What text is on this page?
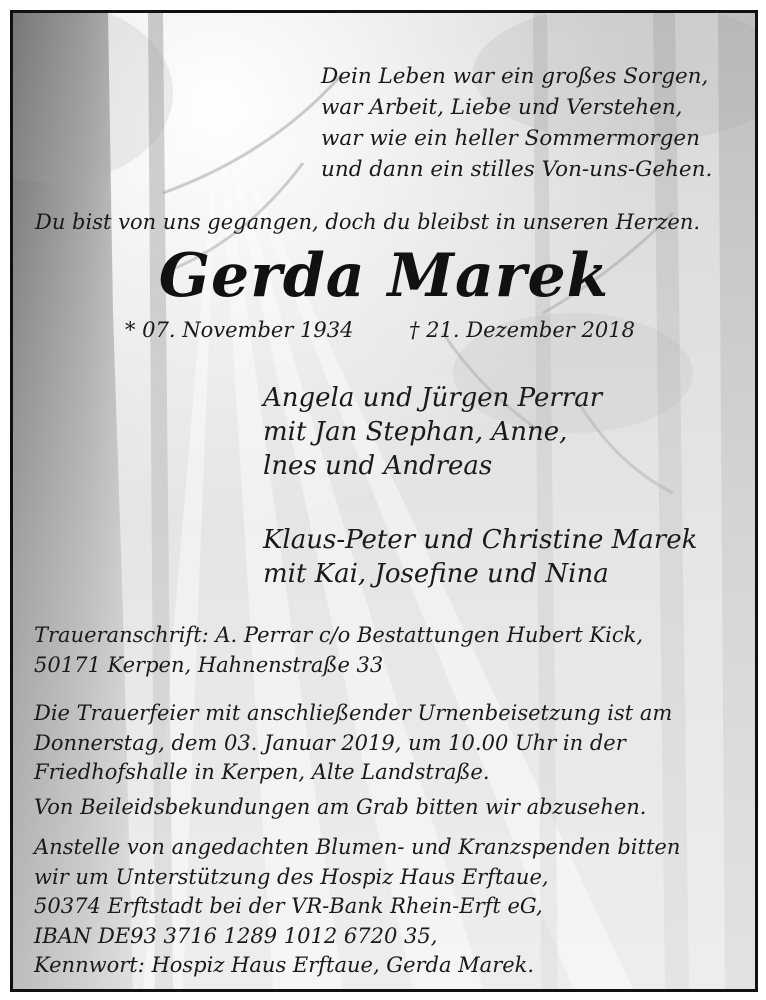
Dein Leben war ein großes Sorgen,
war Arbeit, Liebe und Verstehen,
war wie ein heller Sommermorgen
und dann ein stilles Von-uns-Gehen.
Du bist von uns gegangen, doch du bleibst in unseren Herzen.
Gerda Marek
* 07. November 1934	† 21. Dezember 2018
Angela und Jürgen Perrar
mit Jan Stephan, Anne,
lnes und Andreas
Klaus-Peter und Christine Marek
mit Kai, Josefine und Nina
Traueranschrift: A. Perrar c/o Bestattungen Hubert Kick,
50171 Kerpen, Hahnenstraße 33
Die Trauerfeier mit anschließender Urnenbeisetzung ist am
Donnerstag, dem 03. Januar 2019, um 10.00 Uhr in der
Friedhofshalle in Kerpen, Alte Landstraße.
Von Beileidsbekundungen am Grab bitten wir abzusehen.
Anstelle von angedachten Blumen- und Kranzspenden bitten
wir um Unterstützung des Hospiz Haus Erftaue,
50374 Erftstadt bei der VR-Bank Rhein-Erft eG,
IBAN DE93 3716 1289 1012 6720 35,
Kennwort: Hospiz Haus Erftaue, Gerda Marek.
